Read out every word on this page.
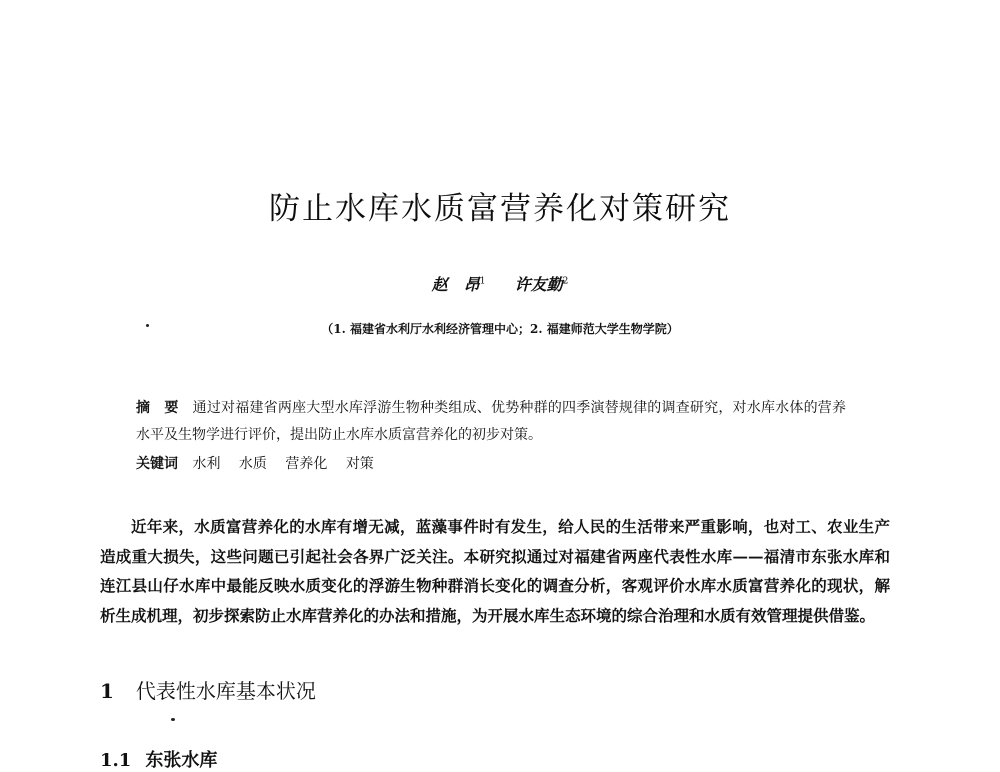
防止水库水质富营养化对策研究
赵　昂$^1$ 许友勤$^2$
（1. 福建省水利厅水利经济管理中心；2. 福建师范大学生物学院）
摘　要 通过对福建省两座大型水库浮游生物种类组成、优势种群的四季演替规律的调查研究，对水库水体的营养水平及生物学进行评价，提出防止水库水质富营养化的初步对策。
关键词 水利 水质 营养化 对策
近年来，水质富营养化的水库有增无减，蓝藻事件时有发生，给人民的生活带来严重影响，也对工、农业生产造成重大损失，这些问题已引起社会各界广泛关注。本研究拟通过对福建省两座代表性水库——福清市东张水库和连江县山仔水库中最能反映水质变化的浮游生物种群消长变化的调查分析，客观评价水库水质富营养化的现状，解析生成机理，初步探索防止水库营养化的办法和措施，为开展水库生态环境的综合治理和水质有效管理提供借鉴。
1 代表性水库基本状况
1.1 东张水库
